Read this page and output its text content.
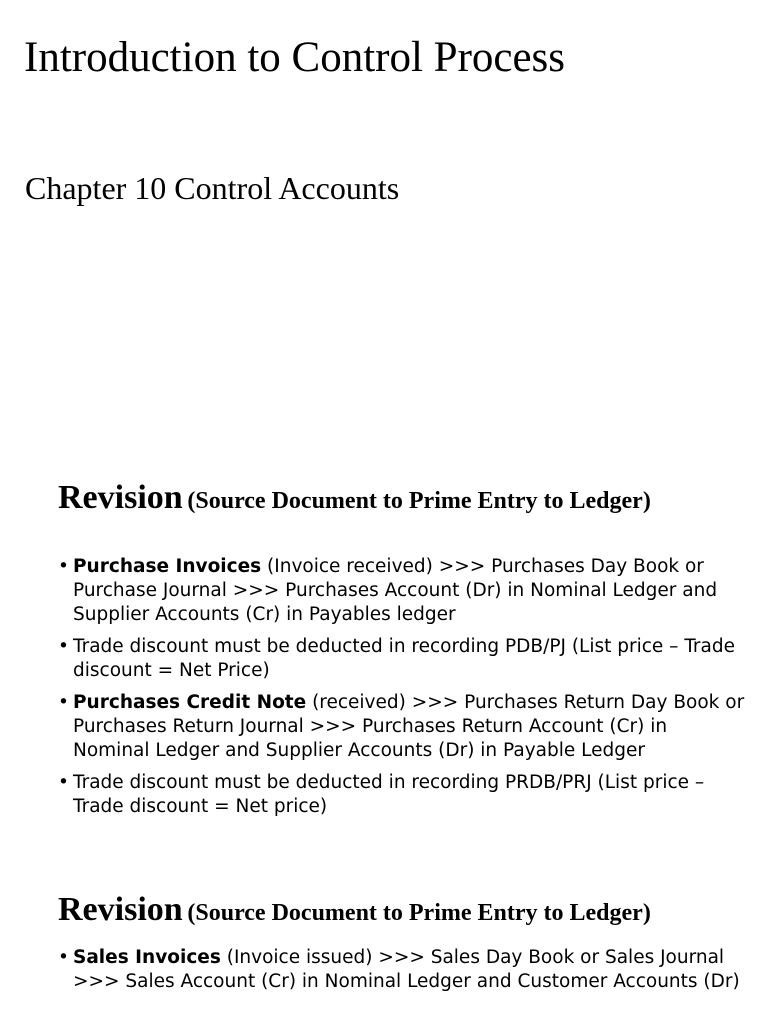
Introduction to Control Process
Chapter 10 Control Accounts
Revision (Source Document to Prime Entry to Ledger)
• Purchase Invoices (Invoice received) >>> Purchases Day Book or Purchase Journal >>> Purchases Account (Dr) in Nominal Ledger and Supplier Accounts (Cr) in Payables ledger
• Trade discount must be deducted in recording PDB/PJ (List price – Trade discount = Net Price)
• Purchases Credit Note (received) >>> Purchases Return Day Book or Purchases Return Journal >>> Purchases Return Account (Cr) in Nominal Ledger and Supplier Accounts (Dr) in Payable Ledger
• Trade discount must be deducted in recording PRDB/PRJ (List price – Trade discount = Net price)
Revision (Source Document to Prime Entry to Ledger)
• Sales Invoices (Invoice issued) >>> Sales Day Book or Sales Journal >>> Sales Account (Cr) in Nominal Ledger and Customer Accounts (Dr)
